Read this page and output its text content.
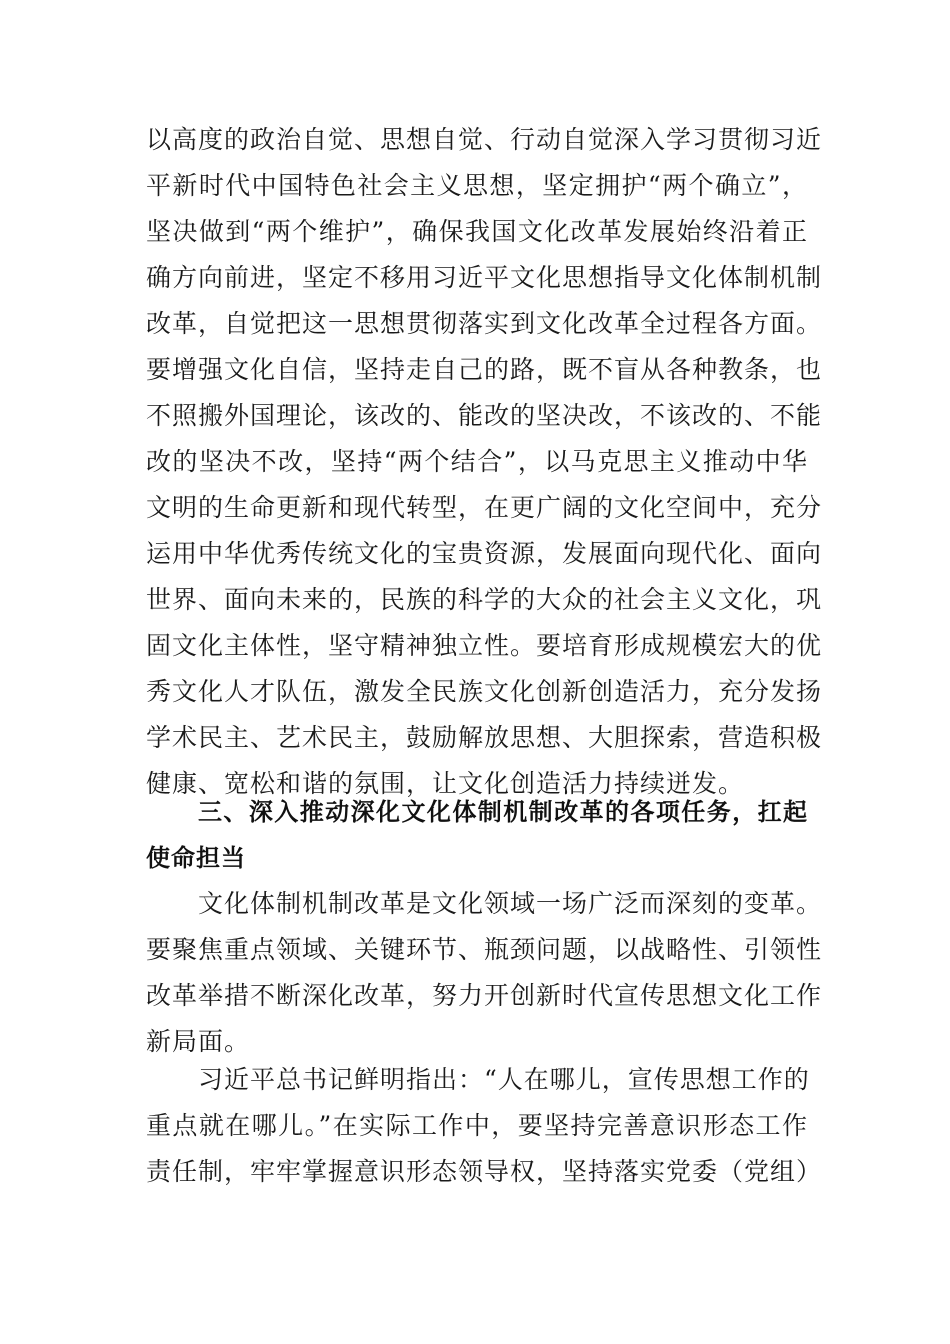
以高度的政治自觉、思想自觉、行动自觉深入学习贯彻习近
平新时代中国特色社会主义思想，坚定拥护“两个确立”，
坚决做到“两个维护”，确保我国文化改革发展始终沿着正
确方向前进，坚定不移用习近平文化思想指导文化体制机制
改革，自觉把这一思想贯彻落实到文化改革全过程各方面。
要增强文化自信，坚持走自己的路，既不盲从各种教条，也
不照搬外国理论，该改的、能改的坚决改，不该改的、不能
改的坚决不改，坚持“两个结合”，以马克思主义推动中华
文明的生命更新和现代转型，在更广阔的文化空间中，充分
运用中华优秀传统文化的宝贵资源，发展面向现代化、面向
世界、面向未来的，民族的科学的大众的社会主义文化，巩
固文化主体性，坚守精神独立性。要培育形成规模宏大的优
秀文化人才队伍，激发全民族文化创新创造活力，充分发扬
学术民主、艺术民主，鼓励解放思想、大胆探索，营造积极
健康、宽松和谐的氛围，让文化创造活力持续迸发。
三、深入推动深化文化体制机制改革的各项任务，扛起
使命担当
文化体制机制改革是文化领域一场广泛而深刻的变革。
要聚焦重点领域、关键环节、瓶颈问题，以战略性、引领性
改革举措不断深化改革，努力开创新时代宣传思想文化工作
新局面。
习近平总书记鲜明指出：“人在哪儿，宣传思想工作的
重点就在哪儿。”在实际工作中，要坚持完善意识形态工作
责任制，牢牢掌握意识形态领导权，坚持落实党委（党组）
